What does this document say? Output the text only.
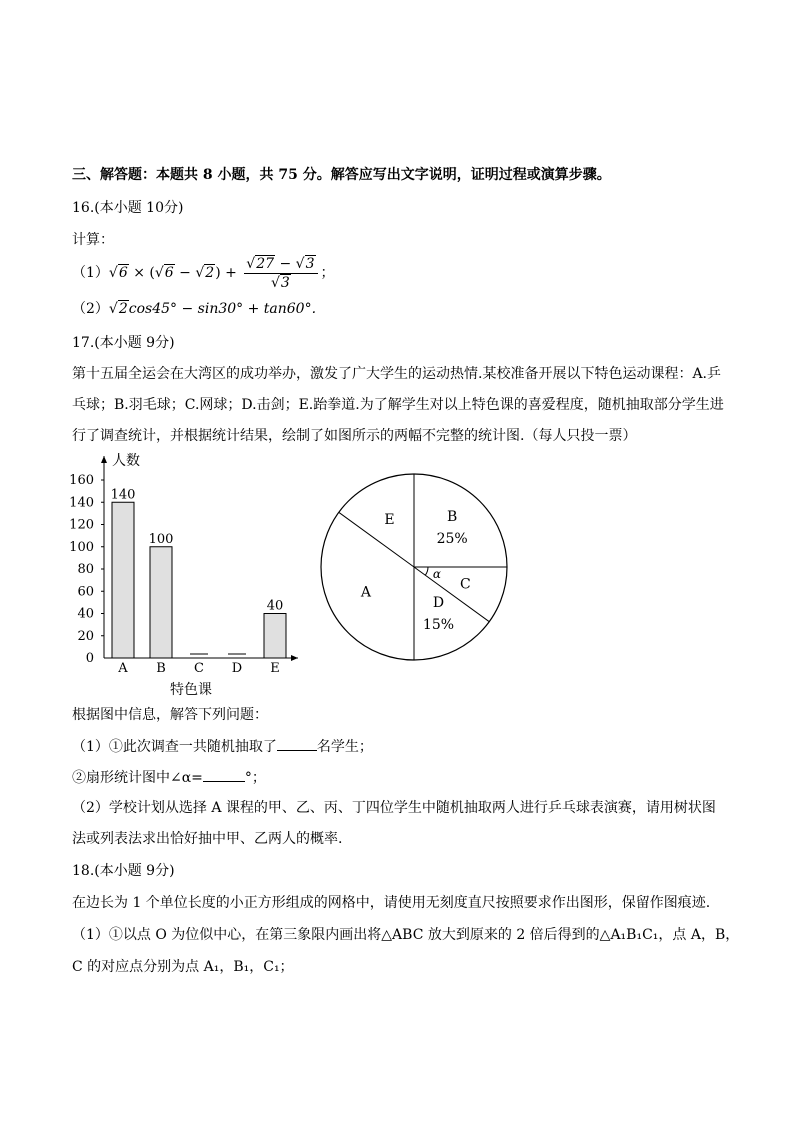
三、解答题：本题共 8 小题，共 75 分。解答应写出文字说明，证明过程或演算步骤。
16.(本小题 10分)
计算：
$(1)√6 \times (√6 - √2) + \frac{√27 - √3}{√3}$ ；
（2）√2cos45° − sin30° + tan60°.
17.(本小题 9分)
第十五届全运会在大湾区的成功举办，激发了广大学生的运动热情.某校准备开展以下特色运动课程：A.乒
乓球；B.羽毛球；C.网球；D.击剑；E.跆拳道.为了解学生对以上特色课的喜爱程度，随机抽取部分学生进
行了调查统计，并根据统计结果，绘制了如图所示的两幅不完整的统计图.（每人只投一票）
人数
0
20
40
60
80
100
120
140
160
140
A
100
B C D
40
E
特色课
B
25%
C
α
D
15%
A
E
根据图中信息，解答下列问题：
（1）①此次调查一共随机抽取了	名学生；
②扇形统计图中∠α=	°；
（2）学校计划从选择 A 课程的甲、乙、丙、丁四位学生中随机抽取两人进行乒乓球表演赛，请用树状图
法或列表法求出恰好抽中甲、乙两人的概率.
18.(本小题 9分)
在边长为 1 个单位长度的小正方形组成的网格中，请使用无刻度直尺按照要求作出图形，保留作图痕迹.
（1）①以点 O 为位似中心，在第三象限内画出将△ABC 放大到原来的 2 倍后得到的△A₁B₁C₁，点 A，B，
C 的对应点分别为点 A₁，B₁，C₁；
